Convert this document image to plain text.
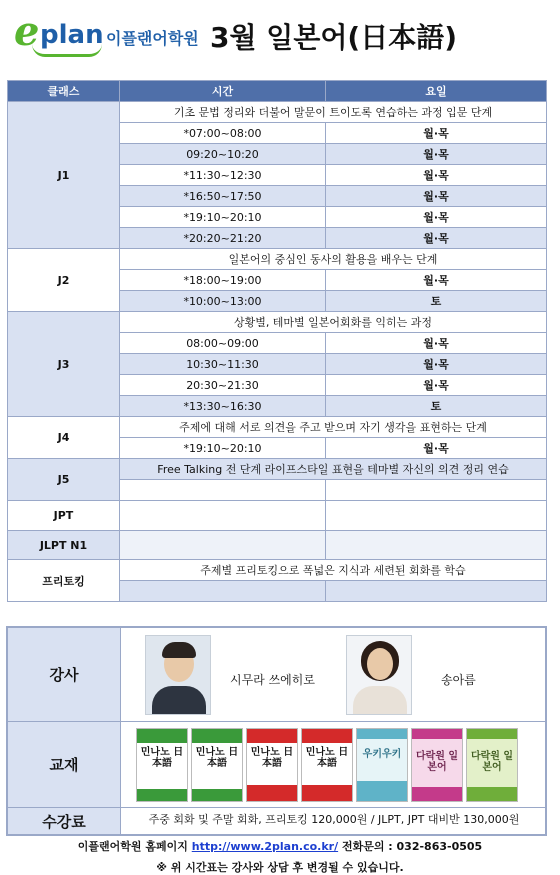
e plan 이플랜어학원 3월 일본어(日本語)
클래스	시간	요일
J1	기초 문법 정리와 더불어 말문이 트이도록 연습하는 과정 입문 단계	
	*07:00~08:00	월·목
	09:20~10:20	월·목
	*11:30~12:30	월·목
	*16:50~17:50	월·목
	*19:10~20:10	월·목
	*20:20~21:20	월·목
J2	일본어의 중심인 동사의 활용을 배우는 단계	
	*18:00~19:00	월·목
	*10:00~13:00	토
J3	상황별, 테마별 일본어회화를 익히는 과정	
	08:00~09:00	월·목
	10:30~11:30	월·목
	20:30~21:30	월·목
	*13:30~16:30	토
J4	주제에 대해 서로 의견을 주고 받으며 자기 생각을 표현하는 단계	
	*19:10~20:10	월·목
J5	Free Talking 전 단계 라이프스타일 표현을 테마별 자신의 의견 정리 연습	

JPT		
JLPT N1		
프리토킹	주제별 프리토킹으로 폭넓은 지식과 세련된 회화를 학습	

강사	시무라 쓰에히로	송아름
교재
민나노 日本語
민나노 日本語
민나노 日本語
민나노 日本語
우키우키	다락원 일본어
다락원 일본어
수강료	주중 회화 및 주말 회화, 프리토킹 120,000원 / JLPT, JPT 대비반 130,000원
이플랜어학원 홈페이지 http://www.2plan.co.kr/ 전화문의 : 032-863-0505
※ 위 시간표는 강사와 상담 후 변경될 수 있습니다.
